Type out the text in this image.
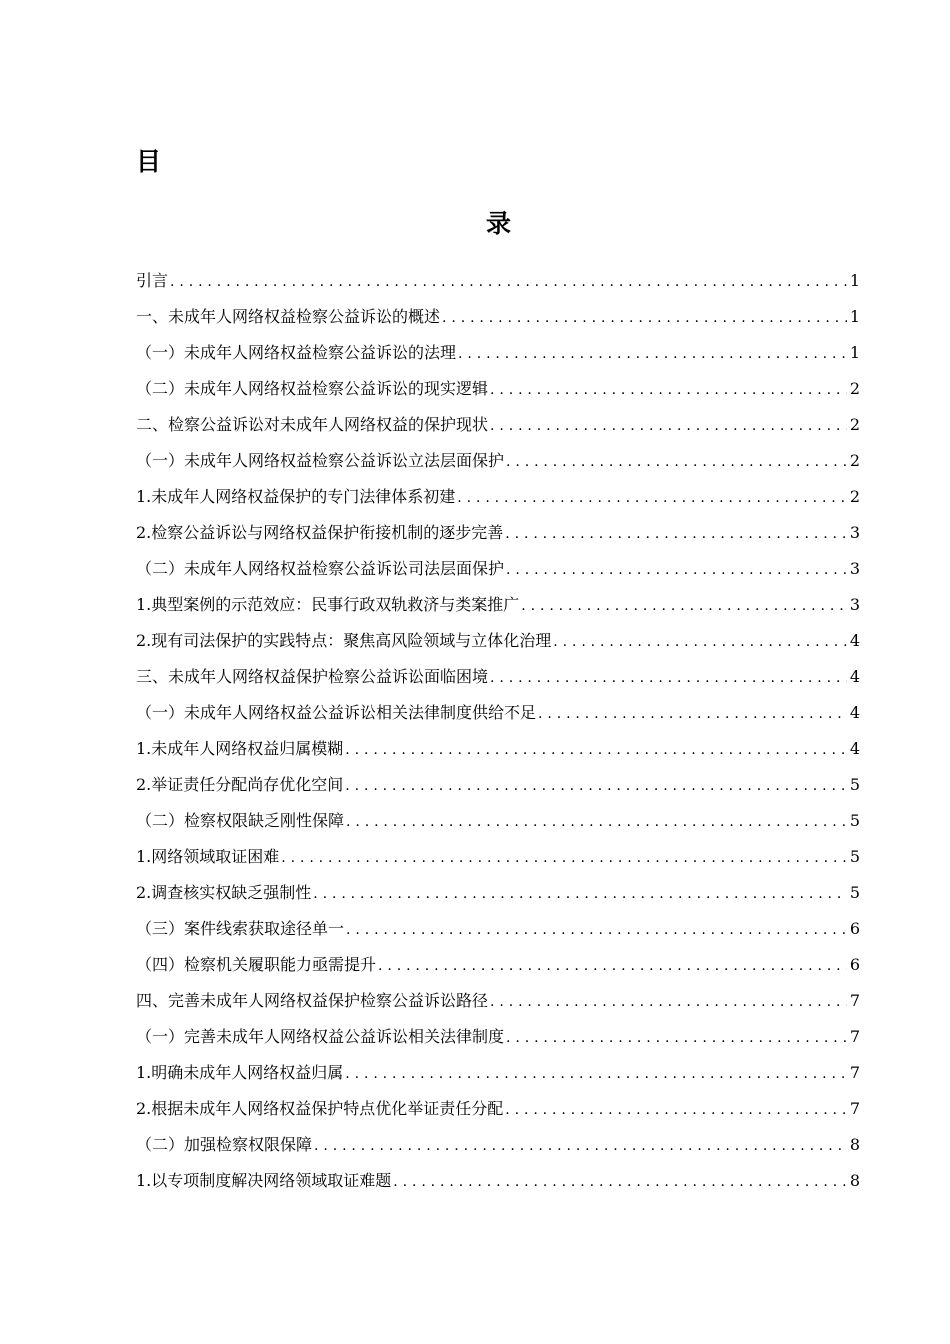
目
录
引言 .....	1
一、未成年人网络权益检察公益诉讼的概述 .....	1
（一）未成年人网络权益检察公益诉讼的法理 .....	1
（二）未成年人网络权益检察公益诉讼的现实逻辑 .....	2
二、检察公益诉讼对未成年人网络权益的保护现状 .....	2
（一）未成年人网络权益检察公益诉讼立法层面保护 .....	2
1.未成年人网络权益保护的专门法律体系初建 .....	2
2.检察公益诉讼与网络权益保护衔接机制的逐步完善 .....	3
（二）未成年人网络权益检察公益诉讼司法层面保护 .....	3
1.典型案例的示范效应：民事行政双轨救济与类案推广 .....	3
2.现有司法保护的实践特点：聚焦高风险领域与立体化治理 .....	4
三、未成年人网络权益保护检察公益诉讼面临困境 .....	4
（一）未成年人网络权益公益诉讼相关法律制度供给不足 .....	4
1.未成年人网络权益归属模糊 .....	4
2.举证责任分配尚存优化空间 .....	5
（二）检察权限缺乏刚性保障 .....	5
1.网络领域取证困难 .....	5
2.调查核实权缺乏强制性 .....	5
（三）案件线索获取途径单一 .....	6
（四）检察机关履职能力亟需提升 .....	6
四、完善未成年人网络权益保护检察公益诉讼路径 .....	7
（一）完善未成年人网络权益公益诉讼相关法律制度 .....	7
1.明确未成年人网络权益归属 .....	7
2.根据未成年人网络权益保护特点优化举证责任分配 .....	7
（二）加强检察权限保障 .....	8
1.以专项制度解决网络领域取证难题 .....	8
